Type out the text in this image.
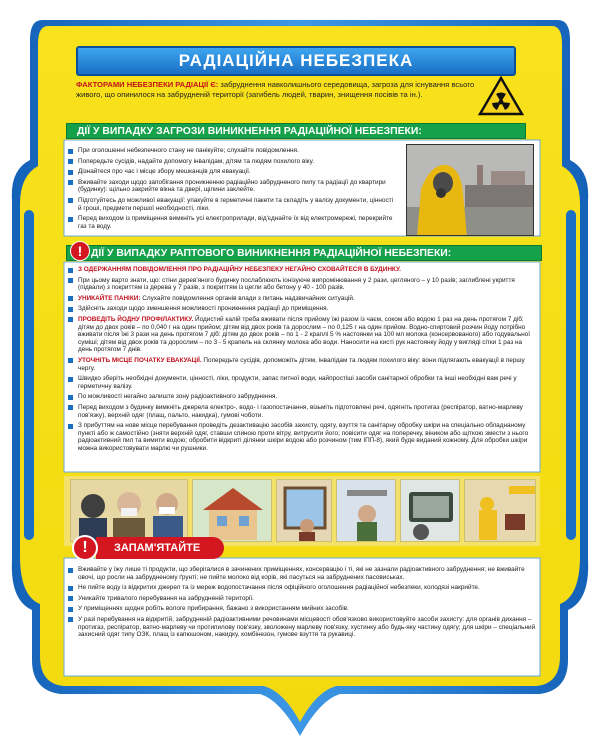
РАДІАЦІЙНА НЕБЕЗПЕКА
ФАКТОРАМИ НЕБЕЗПЕКИ РАДІАЦІЇ Є: забруднення навколишнього середовища, загроза для існування всього живого, що опинилося на забрудненій території (загибель людей, тварин, знищення посівів та ін.).
ДІЇ У ВИПАДКУ ЗАГРОЗИ ВИНИКНЕННЯ РАДІАЦІЙНОЇ НЕБЕЗПЕКИ:
При оголошенні небезпечного стану не панікуйте; слухайте повідомлення.
Попередьте сусідів, надайте допомогу інвалідам, дітям та людям похилого віку.
Дізнайтеся про час і місце збору мешканців для евакуації.
Вживайте заходи щодо запобігання проникненню радіаційно забрудненого пилу та радіації до квартири (будинку): щільно закрийте вікна та двері, щілини заклейте.
Підготуйтесь до можливої евакуації: упакуйте в герметичні пакети та складіть у валізу документи, цінності й гроші, предмети першої необхідності, ліки.
Перед виходом із приміщення вимкніть усі електроприлади, від'єднайте їх від електромережі, перекрийте газ та воду.
ДІЇ У ВИПАДКУ РАПТОВОГО ВИНИКНЕННЯ РАДІАЦІЙНОЇ НЕБЕЗПЕКИ:
!
З ОДЕРЖАННЯМ ПОВІДОМЛЕННЯ ПРО РАДІАЦІЙНУ НЕБЕЗПЕКУ НЕГАЙНО СХОВАЙТЕСЯ В БУДИНКУ.
При цьому варто знати, що: стіни дерев'яного будинку послаблюють іонізуюче випромінювання у 2 рази, цегляного – у 10 разів; заглиблені укриття (підвали) з покриттям із дерева у 7 разів, з покриттям із цегли або бетону у 40 - 100 разів.
УНИКАЙТЕ ПАНІКИ: Слухайте повідомлення органів влади з питань надзвичайних ситуацій.
Здійсніть заходи щодо зменшення можливості проникнення радіації до приміщення.
ПРОВЕДІТЬ ЙОДНУ ПРОФІЛАКТИКУ. Йодистий калій треба вживати після прийому їжі разом із чаєм, соком або водою 1 раз на день протягом 7 діб: дітям до двох років – по 0,040 г на один прийом; дітям від двох років та дорослим – по 0,125 г на один прийом. Водно-спиртовий розчин йоду потрібно вживати після їжі 3 рази на день протягом 7 діб: дітям до двох років – по 1 - 2 краплі 5 % настоянки на 100 мл молока (консервованого) або годувальної суміші; дітям від двох років та дорослим – по 3 - 5 крапель на склянку молока або води. Наносити на кисті рук настоянку йоду у вигляді сітки 1 раз на день протягом 7 днів.
УТОЧНІТЬ МІСЦЕ ПОЧАТКУ ЕВАКУАЦІЇ. Попередьте сусідів, допоможіть дітям, інвалідам та людям похилого віку: вони підлягають евакуації в першу чергу.
Швидко зберіть необхідні документи, цінності, ліки, продукти, запас питної води, найпростіші засоби санітарної обробки та інші необхідні вам речі у герметичну валізу.
По можливості негайно залиште зону радіоактивного забруднення.
Перед виходом з будинку вимкніть джерела електро-, водо- і газопостачання, візьміть підготовлені речі, одягніть протигаз (респіратор, ватно-марлеву пов'язку), верхній одяг (плащ, пальто, накидка), гумові чоботи.
З прибуттям на нове місце перебування проведіть дезактивацію засобів захисту, одягу, взуття та санітарну обробку шкіри на спеціально обладнаному пункті або ж самостійно (зняти верхній одяг, ставши спиною проти вітру, витрусити його; повісити одяг на поперечку, віником або щіткою змести з нього радіоактивний пил та вимити водою; обробити відкриті ділянки шкіри водою або розчином (тим ІПП-8), який буде виданий кожному. Для обробки шкіри можна використовувати марлю чи рушники.
ЗАПАМ'ЯТАЙТЕ
!
Вживайте у їжу лише ті продукти, що зберігалися в зачинених приміщеннях, консервацію і ті, які не зазнали радіоактивного забруднення; не вживайте овочі, що росли на забрудненому ґрунті; не пийте молоко від корів, які пасуться на забруднених пасовиськах.
Не пийте воду із відкритих джерел та із мереж водопостачання після офіційного оголошення радіаційної небезпеки, колодязі накрийте.
Уникайте тривалого перебування на забрудненій території.
У приміщеннях щодня робіть вологе прибирання, бажано з використанням мийних засобів.
У разі перебування на відкритій, забрудненій радіоактивними речовинами місцевості обов'язково використовуйте засоби захисту: для органів дихання – протигаз, респіратор, ватно-марлеву чи протипилову пов'язку, зволожену марлеву пов'язку, хустинку або будь-яку частину одягу; для шкіри – спеціальний захисний одяг типу ОЗК, плащ із капюшоном, накидку, комбінезон, гумове взуття та рукавиці.
